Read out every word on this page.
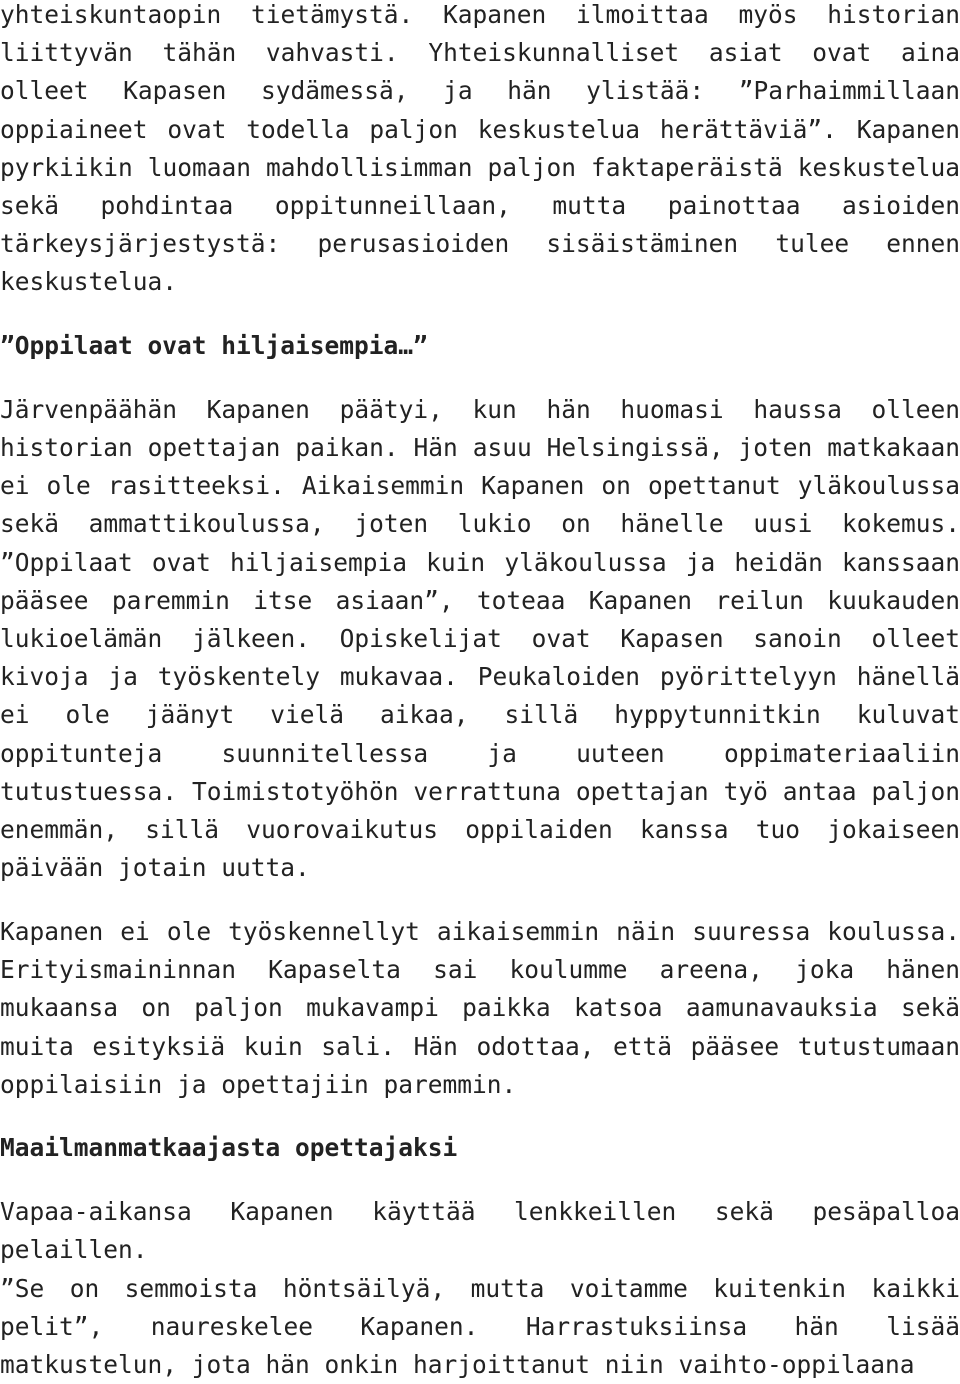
yhteiskuntaopin tietämystä. Kapanen ilmoittaa myös historian liittyvän tähän vahvasti. Yhteiskunnalliset asiat ovat aina olleet Kapasen sydämessä, ja hän ylistää: ”Parhaimmillaan oppiaineet ovat todella paljon keskustelua herättäviä”. Kapanen pyrkiikin luomaan mahdollisimman paljon faktaperäistä keskustelua sekä pohdintaa oppitunneillaan, mutta painottaa asioiden tärkeysjärjestystä: perusasioiden sisäistäminen tulee ennen keskustelua.

”Oppilaat ovat hiljaisempia…”

Järvenpäähän Kapanen päätyi, kun hän huomasi haussa olleen historian opettajan paikan. Hän asuu Helsingissä, joten matkakaan ei ole rasitteeksi. Aikaisemmin Kapanen on opettanut yläkoulussa sekä ammattikoulussa, joten lukio on hänelle uusi kokemus. ”Oppilaat ovat hiljaisempia kuin yläkoulussa ja heidän kanssaan pääsee paremmin itse asiaan”, toteaa Kapanen reilun kuukauden lukioelämän jälkeen. Opiskelijat ovat Kapasen sanoin olleet kivoja ja työskentely mukavaa. Peukaloiden pyörittelyyn hänellä ei ole jäänyt vielä aikaa, sillä hyppytunnitkin kuluvat oppitunteja suunnitellessa ja uuteen oppimateriaaliin tutustuessa. Toimistotyöhön verrattuna opettajan työ antaa paljon enemmän, sillä vuorovaikutus oppilaiden kanssa tuo jokaiseen päivään jotain uutta.

Kapanen ei ole työskennellyt aikaisemmin näin suuressa koulussa. Erityismaininnan Kapaselta sai koulumme areena, joka hänen mukaansa on paljon mukavampi paikka katsoa aamunavauksia sekä muita esityksiä kuin sali. Hän odottaa, että pääsee tutustumaan oppilaisiin ja opettajiin paremmin.

Maailmanmatkaajasta opettajaksi

Vapaa-aikansa Kapanen käyttää lenkkeillen sekä pesäpalloa pelaillen.

”Se on semmoista höntsäilyä, mutta voitamme kuitenkin kaikki pelit”, naureskelee Kapanen. Harrastuksiinsa hän lisää matkustelun, jota hän onkin harjoittanut niin vaihto-oppilaana
